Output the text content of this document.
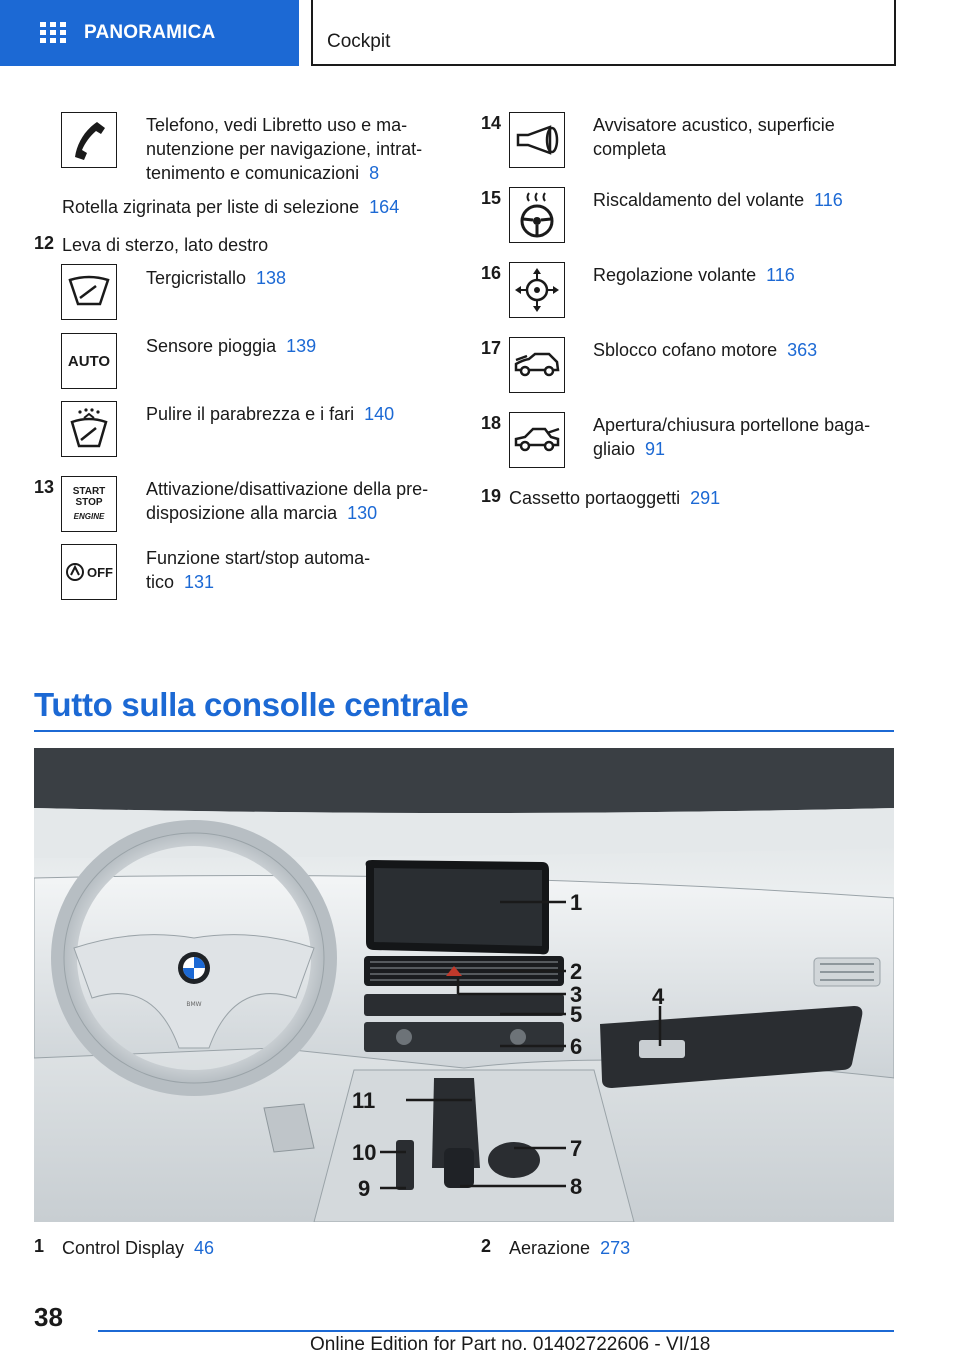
PANORAMICA	Cockpit
Telefono, vedi Libretto uso e ma-
nutenzione per navigazione, intrat-
tenimento e comunicazioni 8
Rotella zigrinata per liste di selezione 164
12 Leva di sterzo, lato destro
Tergicristallo 138
AUTO
Sensore pioggia 139
Pulire il parabrezza e i fari 140
13 START
STOP
ENGINE
Attivazione/disattivazione della pre-
disposizione alla marcia 130
OFF
Funzione start/stop automa-
tico 131
14	Avvisatore acustico, superficie
completa
15	Riscaldamento del volante 116
16	Regolazione volante 116
17	Sblocco cofano motore 363
18	Apertura/chiusura portellone baga-
gliaio 91
19 Cassetto portaoggetti 291
Tutto sulla consolle centrale
BMW
1
2
3
5
6
4
11
10
9
7
8
1 Control Display 46	2 Aerazione 273
38
Online Edition for Part no. 01402722606 - VI/18
